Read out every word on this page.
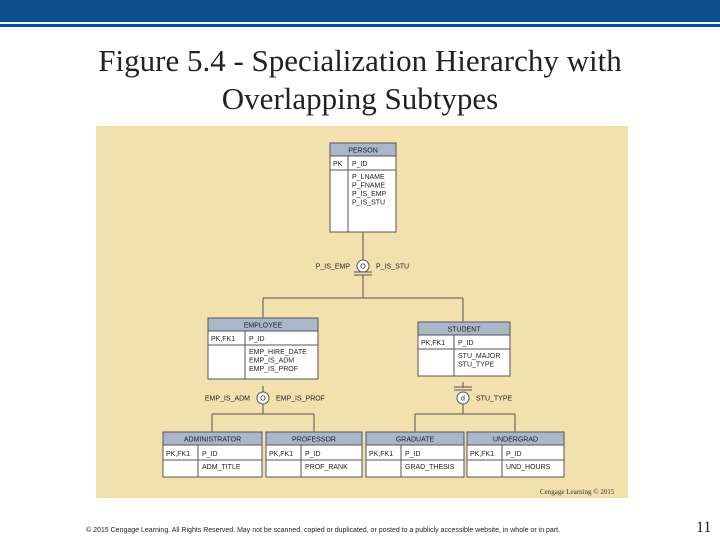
Figure 5.4 - Specialization Hierarchy with Overlapping Subtypes
PERSON
PK P_ID
P_LNAME
P_FNAME
P_IS_EMP
P_IS_STU
EMPLOYEE
PK,FK1 P_ID
EMP_HIRE_DATE
EMP_IS_ADM
EMP_IS_PROF
STUDENT
PK,FK1 P_ID
STU_MAJOR
STU_TYPE
ADMINISTRATOR
PK,FK1 P_ID
ADM_TITLE
PROFESSOR
PK,FK1 P_ID
PROF_RANK
GRADUATE
PK,FK1 P_ID
GRAD_THESIS
UNDERGRAD
PK,FK1 P_ID
UND_HOURS
O
P_IS_EMP	P_IS_STU
O
EMP_IS_ADM	EMP_IS_PROF	d STU_TYPE
Cengage Learning © 2015
© 2015 Cengage Learning. All Rights Reserved. May not be scanned, copied or duplicated, or posted to a publicly accessible website, in whole or in part.	11
